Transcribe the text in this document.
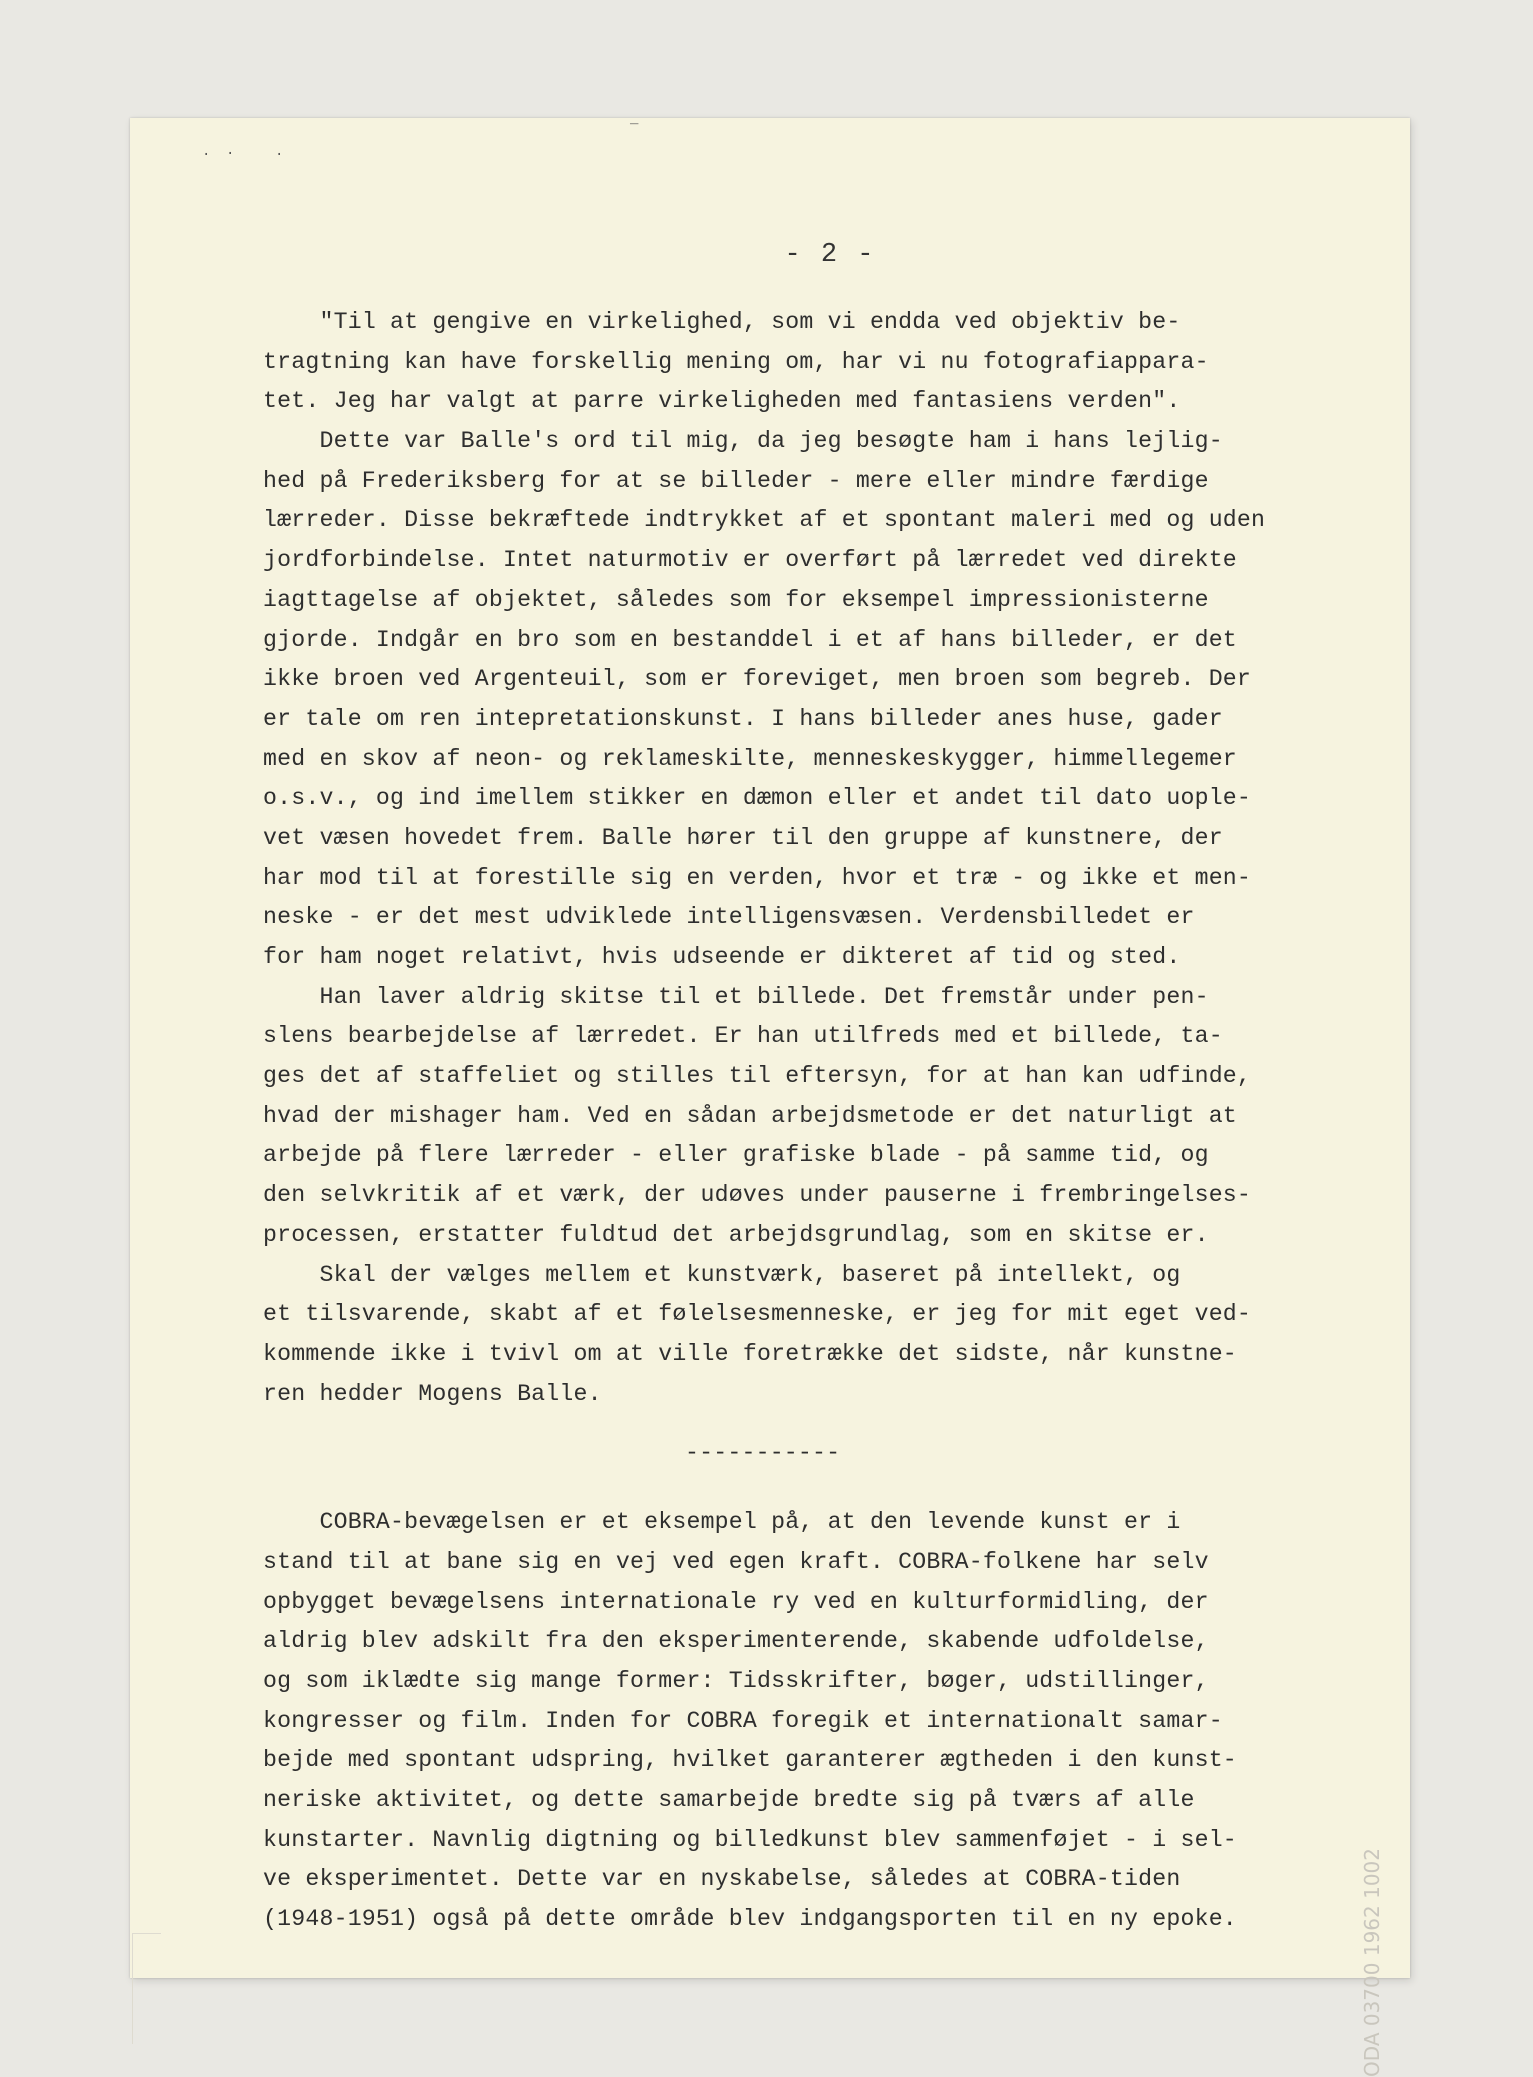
· ·	·
‾
- 2 -
"Til at gengive en virkelighed, som vi endda ved objektiv be-
tragtning kan have forskellig mening om, har vi nu fotografiappara-
tet. Jeg har valgt at parre virkeligheden med fantasiens verden".
Dette var Balle's ord til mig, da jeg besøgte ham i hans lejlig-
hed på Frederiksberg for at se billeder - mere eller mindre færdige
lærreder. Disse bekræftede indtrykket af et spontant maleri med og uden
jordforbindelse. Intet naturmotiv er overført på lærredet ved direkte
iagttagelse af objektet, således som for eksempel impressionisterne
gjorde. Indgår en bro som en bestanddel i et af hans billeder, er det
ikke broen ved Argenteuil, som er foreviget, men broen som begreb. Der
er tale om ren intepretationskunst. I hans billeder anes huse, gader
med en skov af neon- og reklameskilte, menneskeskygger, himmellegemer
o.s.v., og ind imellem stikker en dæmon eller et andet til dato uople-
vet væsen hovedet frem. Balle hører til den gruppe af kunstnere, der
har mod til at forestille sig en verden, hvor et træ - og ikke et men-
neske - er det mest udviklede intelligensvæsen. Verdensbilledet er
for ham noget relativt, hvis udseende er dikteret af tid og sted.
Han laver aldrig skitse til et billede. Det fremstår under pen-
slens bearbejdelse af lærredet. Er han utilfreds med et billede, ta-
ges det af staffeliet og stilles til eftersyn, for at han kan udfinde,
hvad der mishager ham. Ved en sådan arbejdsmetode er det naturligt at
arbejde på flere lærreder - eller grafiske blade - på samme tid, og
den selvkritik af et værk, der udøves under pauserne i frembringelses-
processen, erstatter fuldtud det arbejdsgrundlag, som en skitse er.
Skal der vælges mellem et kunstværk, baseret på intellekt, og
et tilsvarende, skabt af et følelsesmenneske, er jeg for mit eget ved-
kommende ikke i tvivl om at ville foretrække det sidste, når kunstne-
ren hedder Mogens Balle.
-----------
COBRA-bevægelsen er et eksempel på, at den levende kunst er i
stand til at bane sig en vej ved egen kraft. COBRA-folkene har selv
opbygget bevægelsens internationale ry ved en kulturformidling, der
aldrig blev adskilt fra den eksperimenterende, skabende udfoldelse,
og som iklædte sig mange former: Tidsskrifter, bøger, udstillinger,
kongresser og film. Inden for COBRA foregik et internationalt samar-
bejde med spontant udspring, hvilket garanterer ægtheden i den kunst-
neriske aktivitet, og dette samarbejde bredte sig på tværs af alle
kunstarter. Navnlig digtning og billedkunst blev sammenføjet - i sel-
ve eksperimentet. Dette var en nyskabelse, således at COBRA-tiden
(1948-1951) også på dette område blev indgangsporten til en ny epoke.	ODA 03700 1962 1002
